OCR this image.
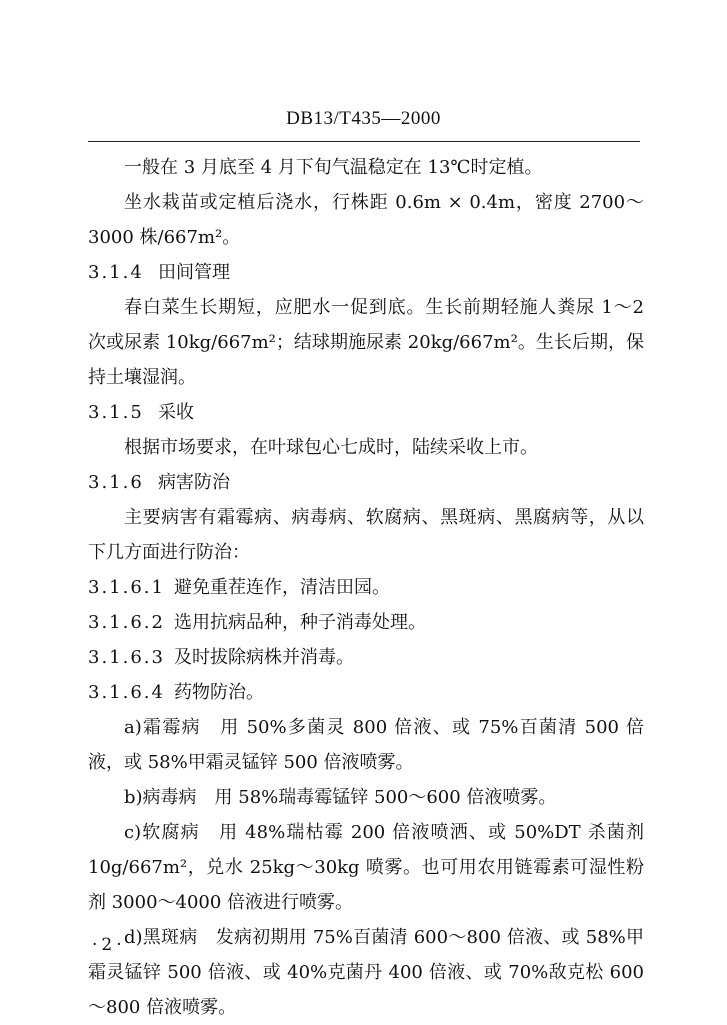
DB13/T435—2000

一般在 3 月底至 4 月下旬气温稳定在 13℃时定植。

坐水栽苗或定植后浇水，行株距 0.6m × 0.4m，密度 2700～3000 株/667m²。

3.1.4 田间管理

春白菜生长期短，应肥水一促到底。生长前期轻施人粪尿 1～2 次或尿素 10kg/667m²；结球期施尿素 20kg/667m²。生长后期，保持土壤湿润。

3.1.5 采收

根据市场要求，在叶球包心七成时，陆续采收上市。

3.1.6 病害防治

主要病害有霜霉病、病毒病、软腐病、黑斑病、黑腐病等，从以下几方面进行防治：

3.1.6.1 避免重茬连作，清洁田园。

3.1.6.2 选用抗病品种，种子消毒处理。

3.1.6.3 及时拔除病株并消毒。

3.1.6.4 药物防治。

a)霜霉病　用 50%多菌灵 800 倍液、或 75%百菌清 500 倍液，或 58%甲霜灵锰锌 500 倍液喷雾。

b)病毒病　用 58%瑞毒霉锰锌 500～600 倍液喷雾。

c)软腐病　用 48%瑞枯霉 200 倍液喷洒、或 50%DT 杀菌剂 10g/667m²，兑水 25kg～30kg 喷雾。也可用农用链霉素可湿性粉剂 3000～4000 倍液进行喷雾。

d)黑斑病　发病初期用 75%百菌清 600～800 倍液、或 58%甲霜灵锰锌 500 倍液、或 40%克菌丹 400 倍液、或 70%敌克松 600～800 倍液喷雾。

·2·
